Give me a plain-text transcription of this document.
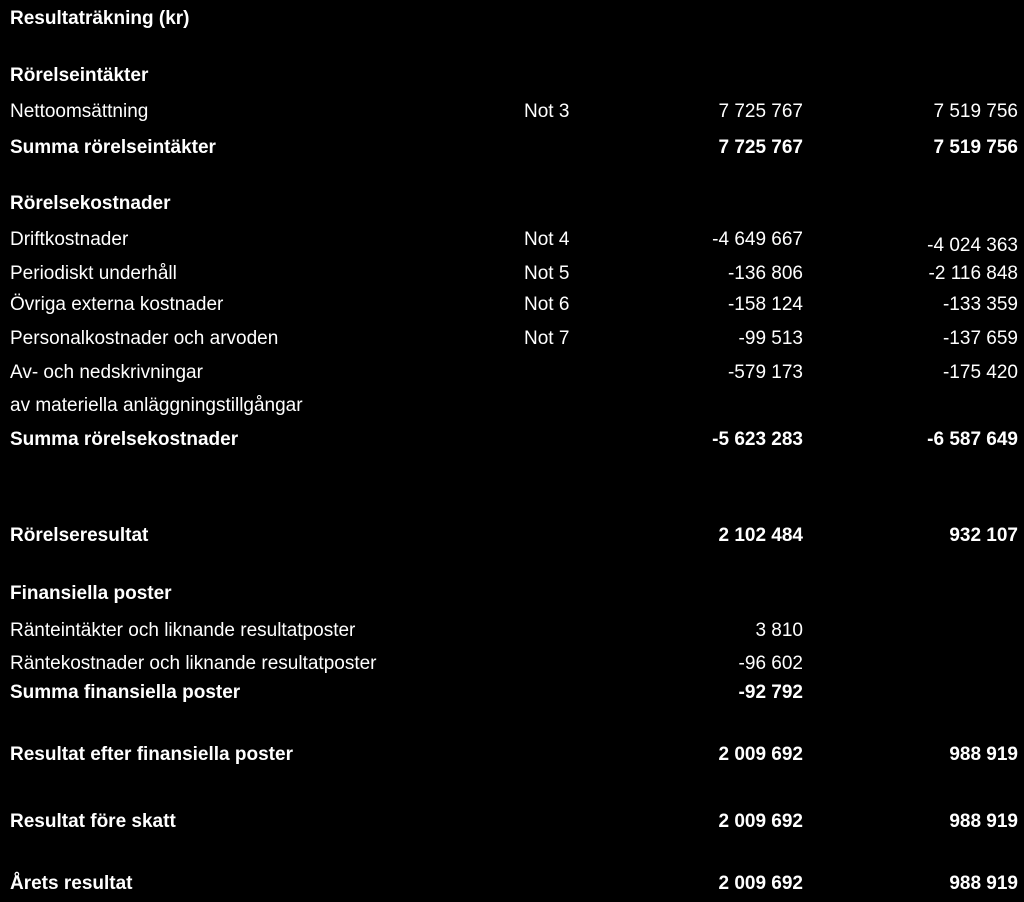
Resultaträkning (kr)
Rörelseintäkter
Nettoomsättning	Not 3	7 725 767	7 519 756
Summa rörelseintäkter	7 725 767	7 519 756
Rörelsekostnader
Driftkostnader	Not 4	-4 649 667	-4 024 363
Periodiskt underhåll	Not 5	-136 806	-2 116 848
Övriga externa kostnader	Not 6	-158 124	-133 359
Personalkostnader och arvoden	Not 7	-99 513	-137 659
Av- och nedskrivningar	-579 173	-175 420
av materiella anläggningstillgångar
Summa rörelsekostnader	-5 623 283	-6 587 649
Rörelseresultat	2 102 484	932 107
Finansiella poster
Ränteintäkter och liknande resultatposter	3 810
Räntekostnader och liknande resultatposter	-96 602
Summa finansiella poster	-92 792
Resultat efter finansiella poster	2 009 692	988 919
Resultat före skatt	2 009 692	988 919
Årets resultat	2 009 692	988 919
